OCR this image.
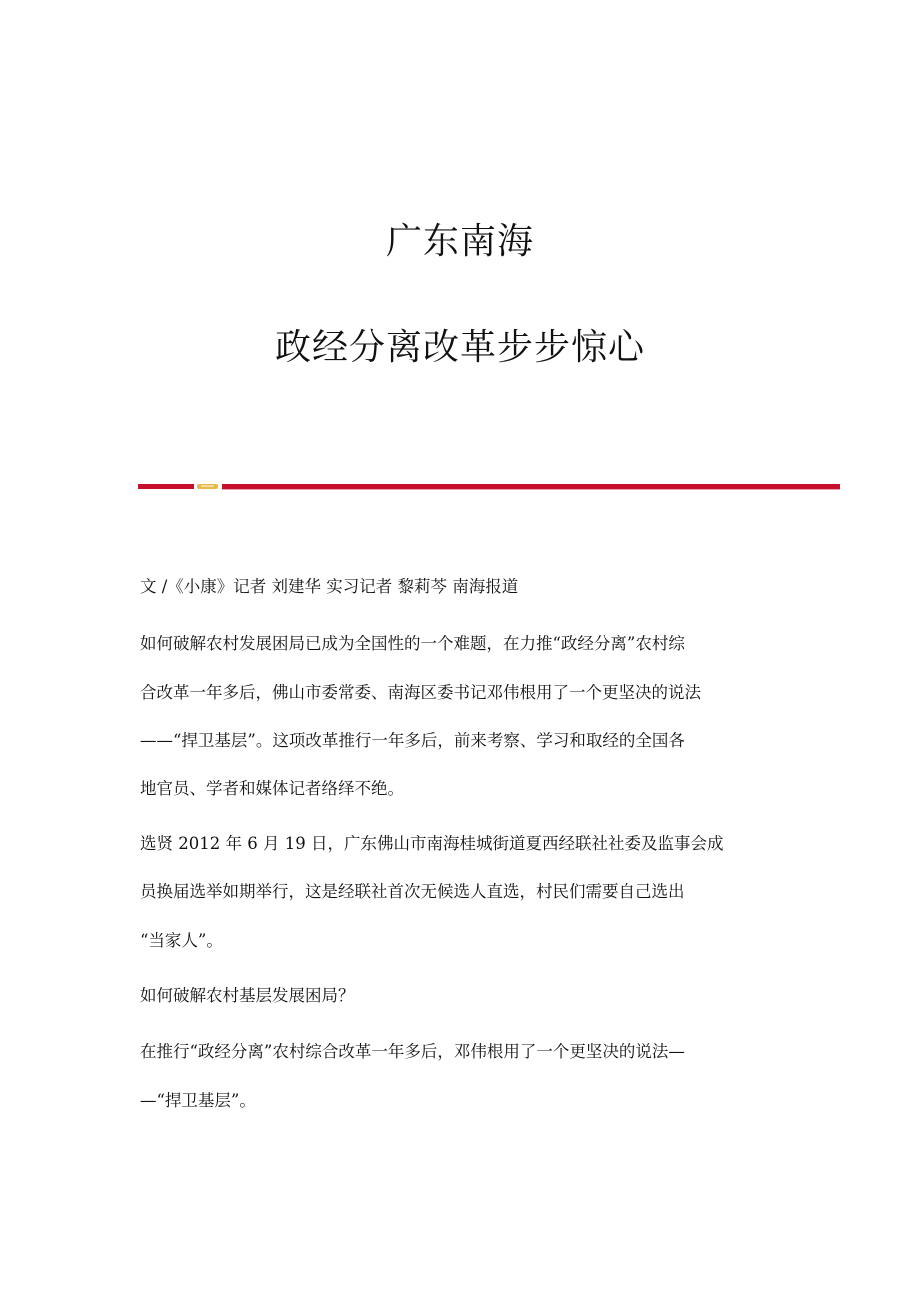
广东南海
政经分离改革步步惊心
文 /《小康》记者 刘建华 实习记者 黎莉芩 南海报道
如何破解农村发展困局已成为全国性的一个难题，在力推“政经分离”农村综
合改革一年多后，佛山市委常委、南海区委书记邓伟根用了一个更坚决的说法
——“捍卫基层”。这项改革推行一年多后，前来考察、学习和取经的全国各
地官员、学者和媒体记者络绎不绝。
选贤 2012 年 6 月 19 日，广东佛山市南海桂城街道夏西经联社社委及监事会成
员换届选举如期举行，这是经联社首次无候选人直选，村民们需要自己选出
“当家人”。
如何破解农村基层发展困局？
在推行“政经分离”农村综合改革一年多后，邓伟根用了一个更坚决的说法—
—“捍卫基层”。
